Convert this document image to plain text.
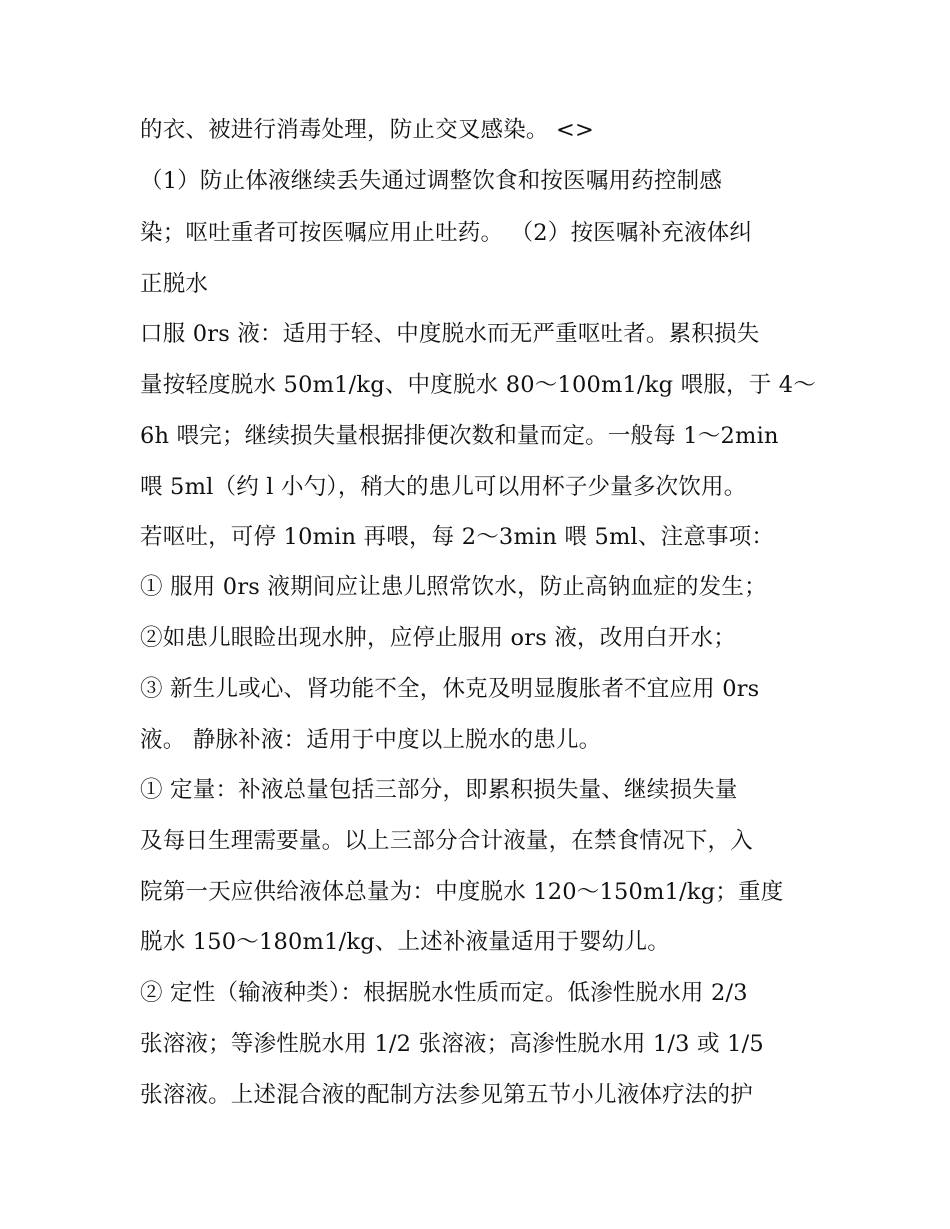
的衣、被进行消毒处理，防止交叉感染。 <>
（1）防止体液继续丢失通过调整饮食和按医嘱用药控制感
染；呕吐重者可按医嘱应用止吐药。 （2）按医嘱补充液体纠
正脱水
口服 0rs 液：适用于轻、中度脱水而无严重呕吐者。累积损失
量按轻度脱水 50m1/kg、中度脱水 80～100m1/kg 喂服，于 4～
6h 喂完；继续损失量根据排便次数和量而定。一般每 1～2min
喂 5ml（约 l 小勺），稍大的患儿可以用杯子少量多次饮用。
若呕吐，可停 10min 再喂，每 2～3min 喂 5ml、注意事项：
① 服用 0rs 液期间应让患儿照常饮水，防止高钠血症的发生；
②如患儿眼睑出现水肿，应停止服用 ors 液，改用白开水；
③ 新生儿或心、肾功能不全，休克及明显腹胀者不宜应用 0rs
液。 静脉补液：适用于中度以上脱水的患儿。
① 定量：补液总量包括三部分，即累积损失量、继续损失量
及每日生理需要量。以上三部分合计液量，在禁食情况下，入
院第一天应供给液体总量为：中度脱水 120～150m1/kg；重度
脱水 150～180m1/kg、上述补液量适用于婴幼儿。
② 定性（输液种类）：根据脱水性质而定。低渗性脱水用 2/3
张溶液；等渗性脱水用 1/2 张溶液；高渗性脱水用 1/3 或 1/5
张溶液。上述混合液的配制方法参见第五节小儿液体疗法的护
